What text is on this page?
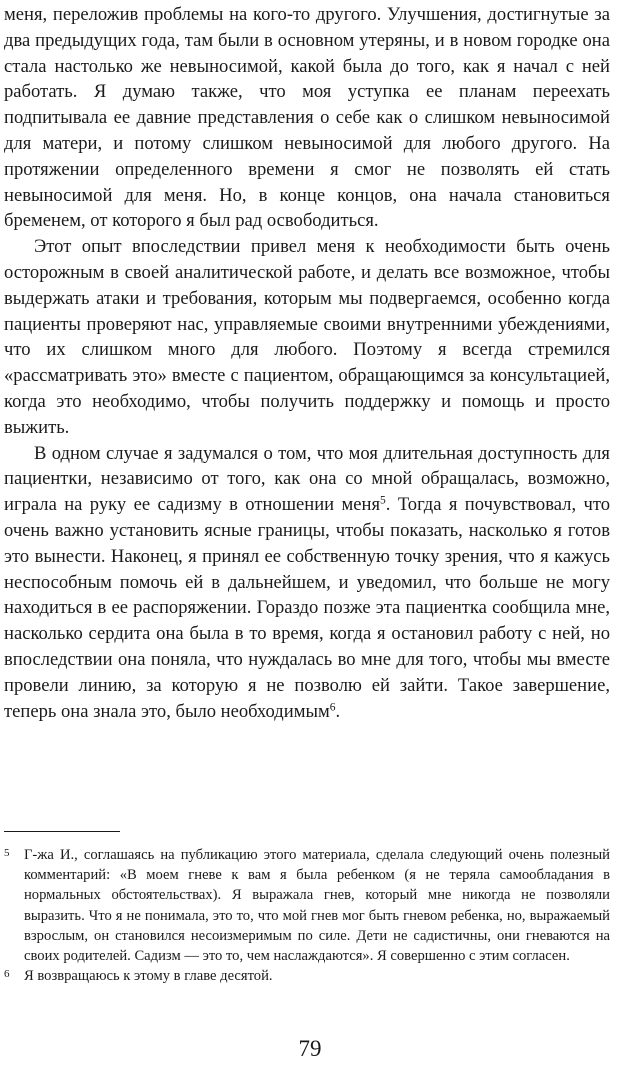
меня, переложив проблемы на кого-то другого. Улучшения, достигнутые за два предыдущих года, там были в основном утеряны, и в новом городке она стала настолько же невыносимой, какой была до того, как я начал с ней работать. Я думаю также, что моя уступка ее планам переехать подпитывала ее давние представления о себе как о слишком невыносимой для матери, и потому слишком невыносимой для любого другого. На протяжении определенного времени я смог не позволять ей стать невыносимой для меня. Но, в конце концов, она начала становиться бременем, от которого я был рад освободиться.

Этот опыт впоследствии привел меня к необходимости быть очень осторожным в своей аналитической работе, и делать все возможное, чтобы выдержать атаки и требования, которым мы подвергаемся, особенно когда пациенты проверяют нас, управляемые своими внутренними убеждениями, что их слишком много для любого. Поэтому я всегда стремился «рассматривать это» вместе с пациентом, обращающимся за консультацией, когда это необходимо, чтобы получить поддержку и помощь и просто выжить.

В одном случае я задумался о том, что моя длительная доступность для пациентки, независимо от того, как она со мной обращалась, возможно, играла на руку ее садизму в отношении меня$^5$. Тогда я почувствовал, что очень важно установить ясные границы, чтобы показать, насколько я готов это вынести. Наконец, я принял ее собственную точку зрения, что я кажусь неспособным помочь ей в дальнейшем, и уведомил, что больше не могу находиться в ее распоряжении. Гораздо позже эта пациентка сообщила мне, насколько сердита она была в то время, когда я остановил работу с ней, но впоследствии она поняла, что нуждалась во мне для того, чтобы мы вместе провели линию, за которую я не позволю ей зайти. Такое завершение, теперь она знала это, было необходимым$^6$.

5 Г-жа И., соглашаясь на публикацию этого материала, сделала следующий очень полезный комментарий: «В моем гневе к вам я была ребенком (я не теряла самообладания в нормальных обстоятельствах). Я выражала гнев, который мне никогда не позволяли выразить. Что я не понимала, это то, что мой гнев мог быть гневом ребенка, но, выражаемый взрослым, он становился несоизмеримым по силе. Дети не садистичны, они гневаются на своих родителей. Садизм — это то, чем наслаждаются». Я совершенно с этим согласен.
6 Я возвращаюсь к этому в главе десятой.
79
